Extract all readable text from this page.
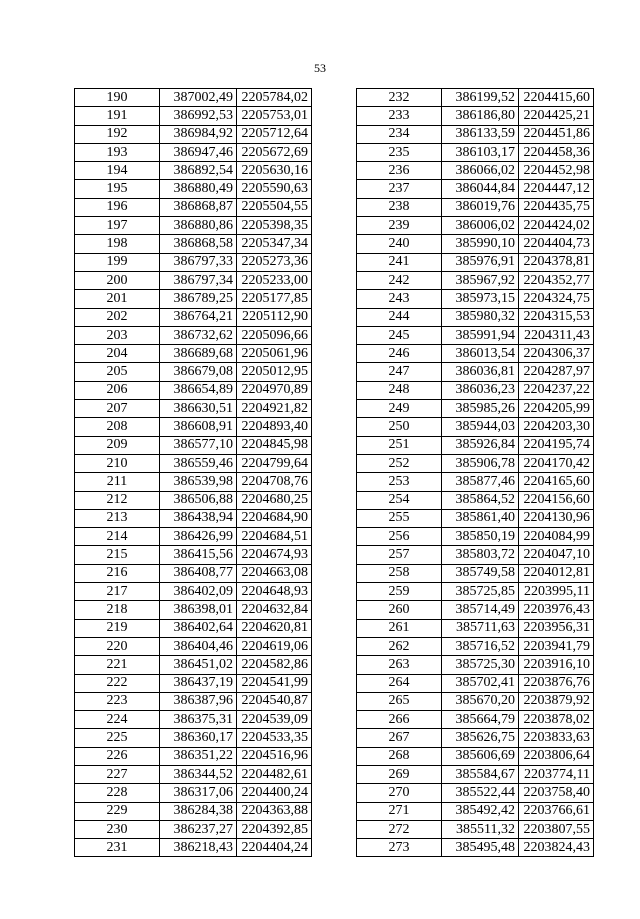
53
190	387002,49	2205784,02
191	386992,53	2205753,01
192	386984,92	2205712,64
193	386947,46	2205672,69
194	386892,54	2205630,16
195	386880,49	2205590,63
196	386868,87	2205504,55
197	386880,86	2205398,35
198	386868,58	2205347,34
199	386797,33	2205273,36
200	386797,34	2205233,00
201	386789,25	2205177,85
202	386764,21	2205112,90
203	386732,62	2205096,66
204	386689,68	2205061,96
205	386679,08	2205012,95
206	386654,89	2204970,89
207	386630,51	2204921,82
208	386608,91	2204893,40
209	386577,10	2204845,98
210	386559,46	2204799,64
211	386539,98	2204708,76
212	386506,88	2204680,25
213	386438,94	2204684,90
214	386426,99	2204684,51
215	386415,56	2204674,93
216	386408,77	2204663,08
217	386402,09	2204648,93
218	386398,01	2204632,84
219	386402,64	2204620,81
220	386404,46	2204619,06
221	386451,02	2204582,86
222	386437,19	2204541,99
223	386387,96	2204540,87
224	386375,31	2204539,09
225	386360,17	2204533,35
226	386351,22	2204516,96
227	386344,52	2204482,61
228	386317,06	2204400,24
229	386284,38	2204363,88
230	386237,27	2204392,85
231	386218,43	2204404,24
232	386199,52	2204415,60
233	386186,80	2204425,21
234	386133,59	2204451,86
235	386103,17	2204458,36
236	386066,02	2204452,98
237	386044,84	2204447,12
238	386019,76	2204435,75
239	386006,02	2204424,02
240	385990,10	2204404,73
241	385976,91	2204378,81
242	385967,92	2204352,77
243	385973,15	2204324,75
244	385980,32	2204315,53
245	385991,94	2204311,43
246	386013,54	2204306,37
247	386036,81	2204287,97
248	386036,23	2204237,22
249	385985,26	2204205,99
250	385944,03	2204203,30
251	385926,84	2204195,74
252	385906,78	2204170,42
253	385877,46	2204165,60
254	385864,52	2204156,60
255	385861,40	2204130,96
256	385850,19	2204084,99
257	385803,72	2204047,10
258	385749,58	2204012,81
259	385725,85	2203995,11
260	385714,49	2203976,43
261	385711,63	2203956,31
262	385716,52	2203941,79
263	385725,30	2203916,10
264	385702,41	2203876,76
265	385670,20	2203879,92
266	385664,79	2203878,02
267	385626,75	2203833,63
268	385606,69	2203806,64
269	385584,67	2203774,11
270	385522,44	2203758,40
271	385492,42	2203766,61
272	385511,32	2203807,55
273	385495,48	2203824,43
